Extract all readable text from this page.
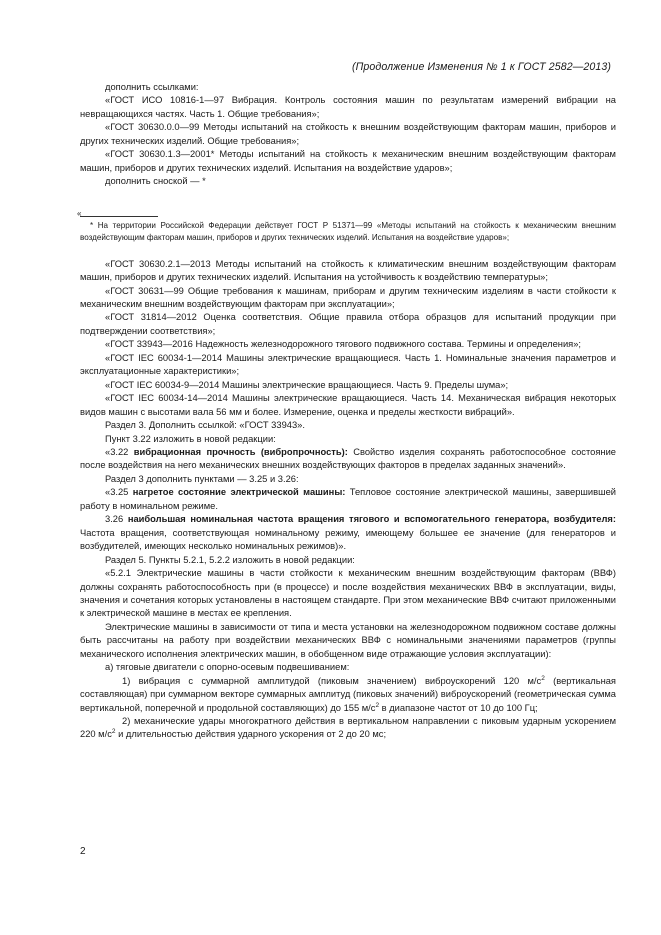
(Продолжение Изменения № 1 к ГОСТ 2582—2013)

дополнить ссылками:

«ГОСТ ИСО 10816-1—97 Вибрация. Контроль состояния машин по результатам измерений вибрации на невращающихся частях. Часть 1. Общие требования»;

«ГОСТ 30630.0.0—99 Методы испытаний на стойкость к внешним воздействующим факторам машин, приборов и других технических изделий. Общие требования»;

«ГОСТ 30630.1.3—2001* Методы испытаний на стойкость к механическим внешним воздействующим факторам машин, приборов и других технических изделий. Испытания на воздействие ударов»;

дополнить сноской — *

«

* На территории Российской Федерации действует ГОСТ Р 51371—99 «Методы испытаний на стойкость к механическим внешним воздействующим факторам машин, приборов и других технических изделий. Испытания на воздействие ударов»;

«ГОСТ 30630.2.1—2013 Методы испытаний на стойкость к климатическим внешним воздействующим факторам машин, приборов и других технических изделий. Испытания на устойчивость к воздействию температуры»;

«ГОСТ 30631—99 Общие требования к машинам, приборам и другим техническим изделиям в части стойкости к механическим внешним воздействующим факторам при эксплуатации»;

«ГОСТ 31814—2012 Оценка соответствия. Общие правила отбора образцов для испытаний продукции при подтверждении соответствия»;

«ГОСТ 33943—2016 Надежность железнодорожного тягового подвижного состава. Термины и определения»;

«ГОСТ IEC 60034-1—2014 Машины электрические вращающиеся. Часть 1. Номинальные значения параметров и эксплуатационные характеристики»;

«ГОСТ IEC 60034-9—2014 Машины электрические вращающиеся. Часть 9. Пределы шума»;

«ГОСТ IEC 60034-14—2014 Машины электрические вращающиеся. Часть 14. Механическая вибрация некоторых видов машин с высотами вала 56 мм и более. Измерение, оценка и пределы жесткости вибраций».

Раздел 3. Дополнить ссылкой: «ГОСТ 33943».

Пункт 3.22 изложить в новой редакции:

«3.22 вибрационная прочность (вибропрочность): Свойство изделия сохранять работоспособное состояние после воздействия на него механических внешних воздействующих факторов в пределах заданных значений».

Раздел 3 дополнить пунктами — 3.25 и 3.26:

«3.25 нагретое состояние электрической машины: Тепловое состояние электрической машины, завершившей работу в номинальном режиме.

3.26 наибольшая номинальная частота вращения тягового и вспомогательного генератора, возбудителя: Частота вращения, соответствующая номинальному режиму, имеющему большее ее значение (для генераторов и возбудителей, имеющих несколько номинальных режимов)».

Раздел 5. Пункты 5.2.1, 5.2.2 изложить в новой редакции:

«5.2.1 Электрические машины в части стойкости к механическим внешним воздействующим факторам (ВВФ) должны сохранять работоспособность при (в процессе) и после воздействия механических ВВФ в эксплуатации, виды, значения и сочетания которых установлены в настоящем стандарте. При этом механические ВВФ считают приложенными к электрической машине в местах ее крепления.

Электрические машины в зависимости от типа и места установки на железнодорожном подвижном составе должны быть рассчитаны на работу при воздействии механических ВВФ с номинальными значениями параметров (группы механического исполнения электрических машин, в обобщенном виде отражающие условия эксплуатации):

а) тяговые двигатели с опорно-осевым подвешиванием:

1) вибрация с суммарной амплитудой (пиковым значением) виброускорений 120 $м/с^2$ (вертикальная составляющая) при суммарном векторе суммарных амплитуд (пиковых значений) виброускорений (геометрическая сумма вертикальной, поперечной и продольной составляющих) до 155 $м/с^2$ в диапазоне частот от 10 до 100 Гц;

2) механические удары многократного действия в вертикальном направлении с пиковым ударным ускорением 220 $м/с^2$ и длительностью действия ударного ускорения от 2 до 20 мс;

2
